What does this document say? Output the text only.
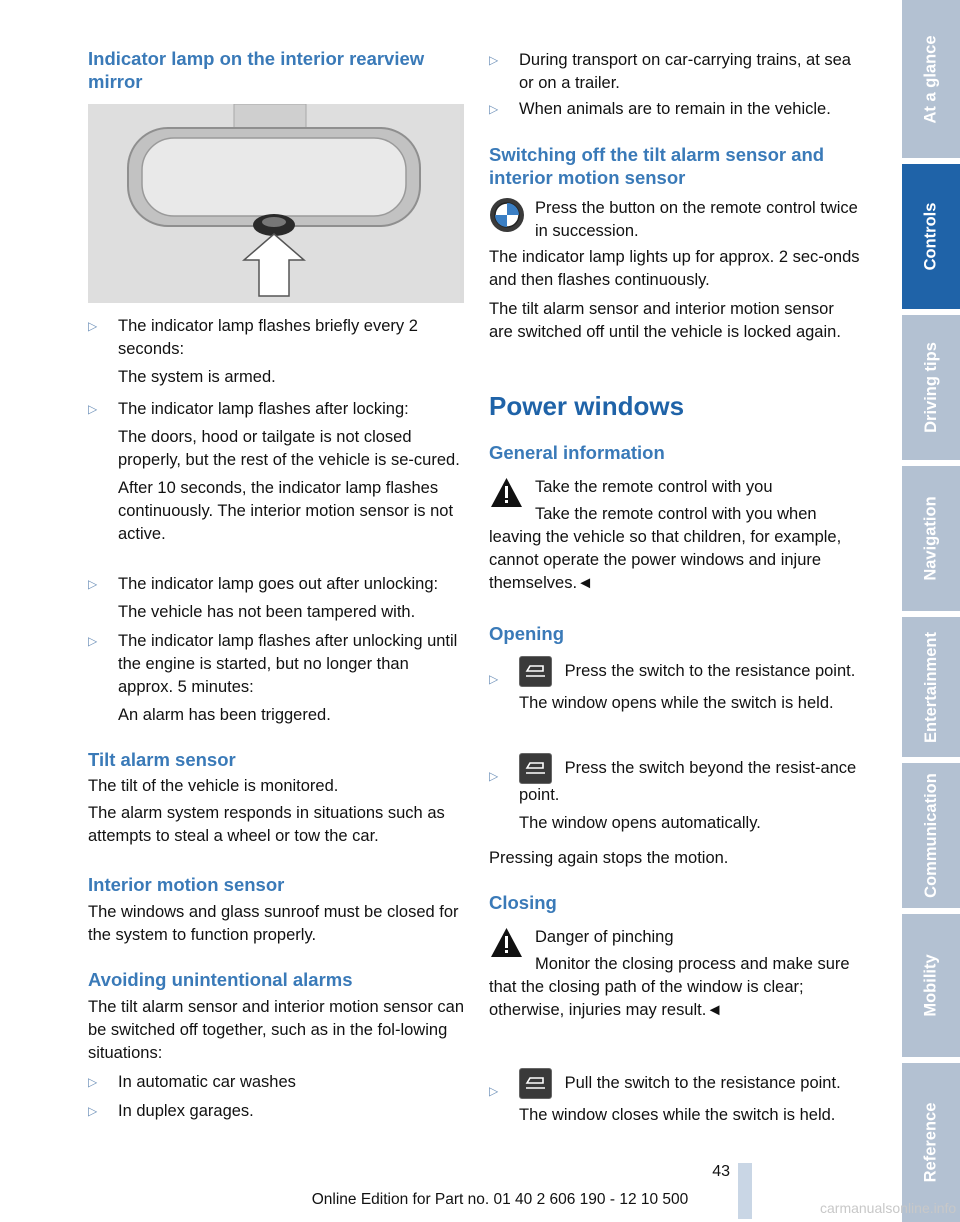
Indicator lamp on the interior rearview mirror
▷	The indicator lamp flashes briefly every 2 seconds:

The system is armed.

▷	The indicator lamp flashes after locking:

The doors, hood or tailgate is not closed properly, but the rest of the vehicle is se-cured.

After 10 seconds, the indicator lamp flashes continuously. The interior motion sensor is not active.

▷	The indicator lamp goes out after unlocking:

The vehicle has not been tampered with.

▷	The indicator lamp flashes after unlocking until the engine is started, but no longer than approx. 5 minutes:

An alarm has been triggered.

Tilt alarm sensor

The tilt of the vehicle is monitored.

The alarm system responds in situations such as attempts to steal a wheel or tow the car.

Interior motion sensor

The windows and glass sunroof must be closed for the system to function properly.

Avoiding unintentional alarms

The tilt alarm sensor and interior motion sensor can be switched off together, such as in the fol-lowing situations:

▷	In automatic car washes

▷	In duplex garages.

▷	During transport on car-carrying trains, at sea or on a trailer.

▷	When animals are to remain in the vehicle.

Switching off the tilt alarm sensor and interior motion sensor

Press the button on the remote control twice in succession.

The indicator lamp lights up for approx. 2 sec-onds and then flashes continuously.

The tilt alarm sensor and interior motion sensor are switched off until the vehicle is locked again.

Power windows
General information

Take the remote control with you

Take the remote control with you when leaving the vehicle so that children, for example, cannot operate the power windows and injure themselves.◄

Opening
▷	Press the switch to the resistance point.

The window opens while the switch is held.

▷	Press the switch beyond the resist-ance point.

The window opens automatically.

Pressing again stops the motion.

Closing

Danger of pinching

Monitor the closing process and make sure that the closing path of the window is clear; otherwise, injuries may result.◄

▷	Pull the switch to the resistance point.

The window closes while the switch is held.

At a glance
Controls
Driving tips
Navigation
Entertainment
Communication
Mobility
Reference
43
Online Edition for Part no. 01 40 2 606 190 - 12 10 500	carmanualsonline.info
